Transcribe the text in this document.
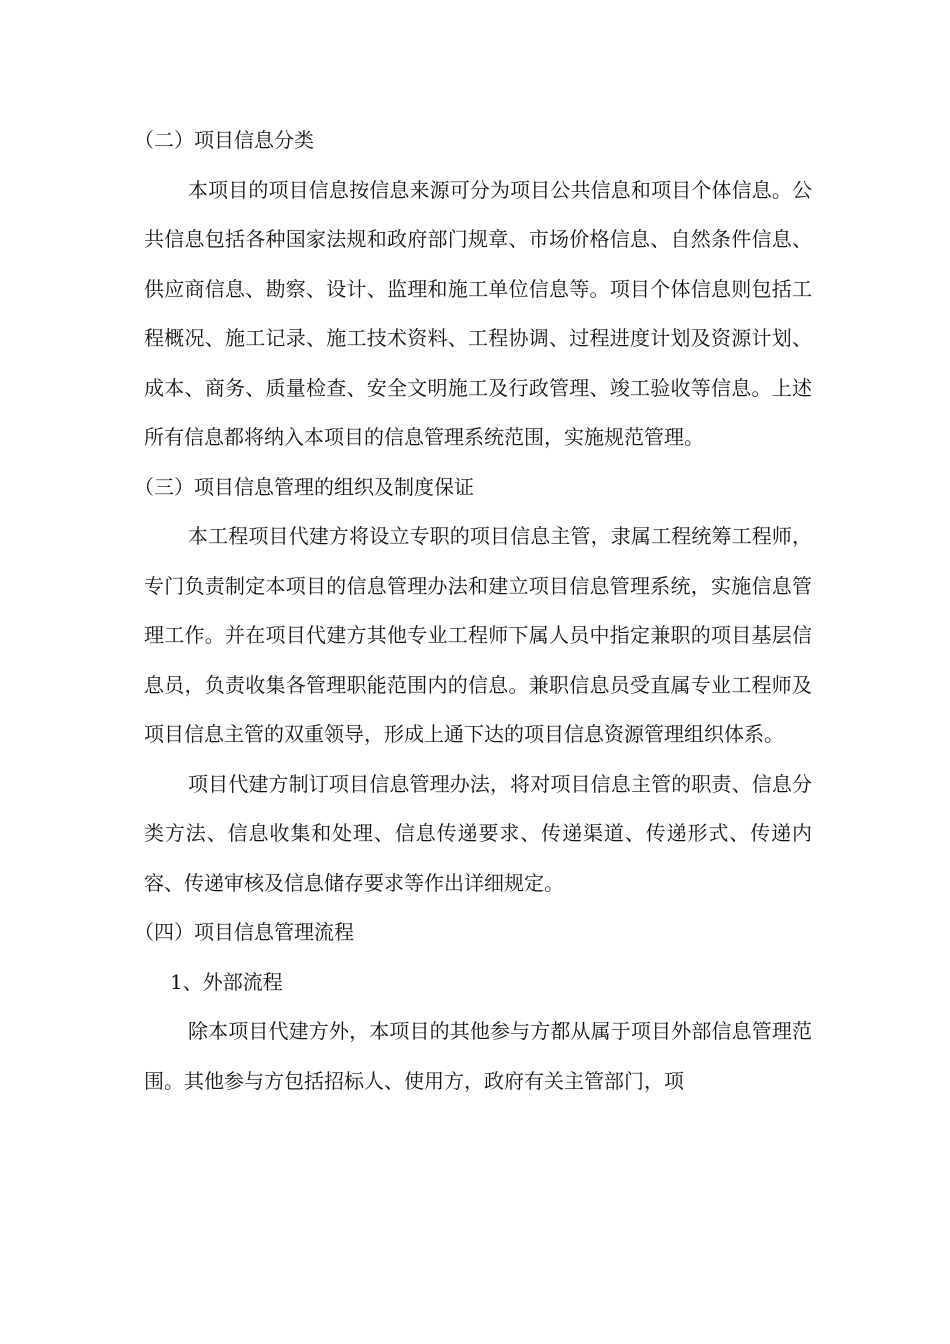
（二）项目信息分类

本项目的项目信息按信息来源可分为项目公共信息和项目个体信息。公共信息包括各种国家法规和政府部门规章、市场价格信息、自然条件信息、供应商信息、勘察、设计、监理和施工单位信息等。项目个体信息则包括工程概况、施工记录、施工技术资料、工程协调、过程进度计划及资源计划、成本、商务、质量检查、安全文明施工及行政管理、竣工验收等信息。上述所有信息都将纳入本项目的信息管理系统范围，实施规范管理。

（三）项目信息管理的组织及制度保证

本工程项目代建方将设立专职的项目信息主管，隶属工程统筹工程师，专门负责制定本项目的信息管理办法和建立项目信息管理系统，实施信息管理工作。并在项目代建方其他专业工程师下属人员中指定兼职的项目基层信息员，负责收集各管理职能范围内的信息。兼职信息员受直属专业工程师及项目信息主管的双重领导，形成上通下达的项目信息资源管理组织体系。

项目代建方制订项目信息管理办法，将对项目信息主管的职责、信息分类方法、信息收集和处理、信息传递要求、传递渠道、传递形式、传递内容、传递审核及信息储存要求等作出详细规定。

（四）项目信息管理流程

1、外部流程

除本项目代建方外，本项目的其他参与方都从属于项目外部信息管理范围。其他参与方包括招标人、使用方，政府有关主管部门，项
